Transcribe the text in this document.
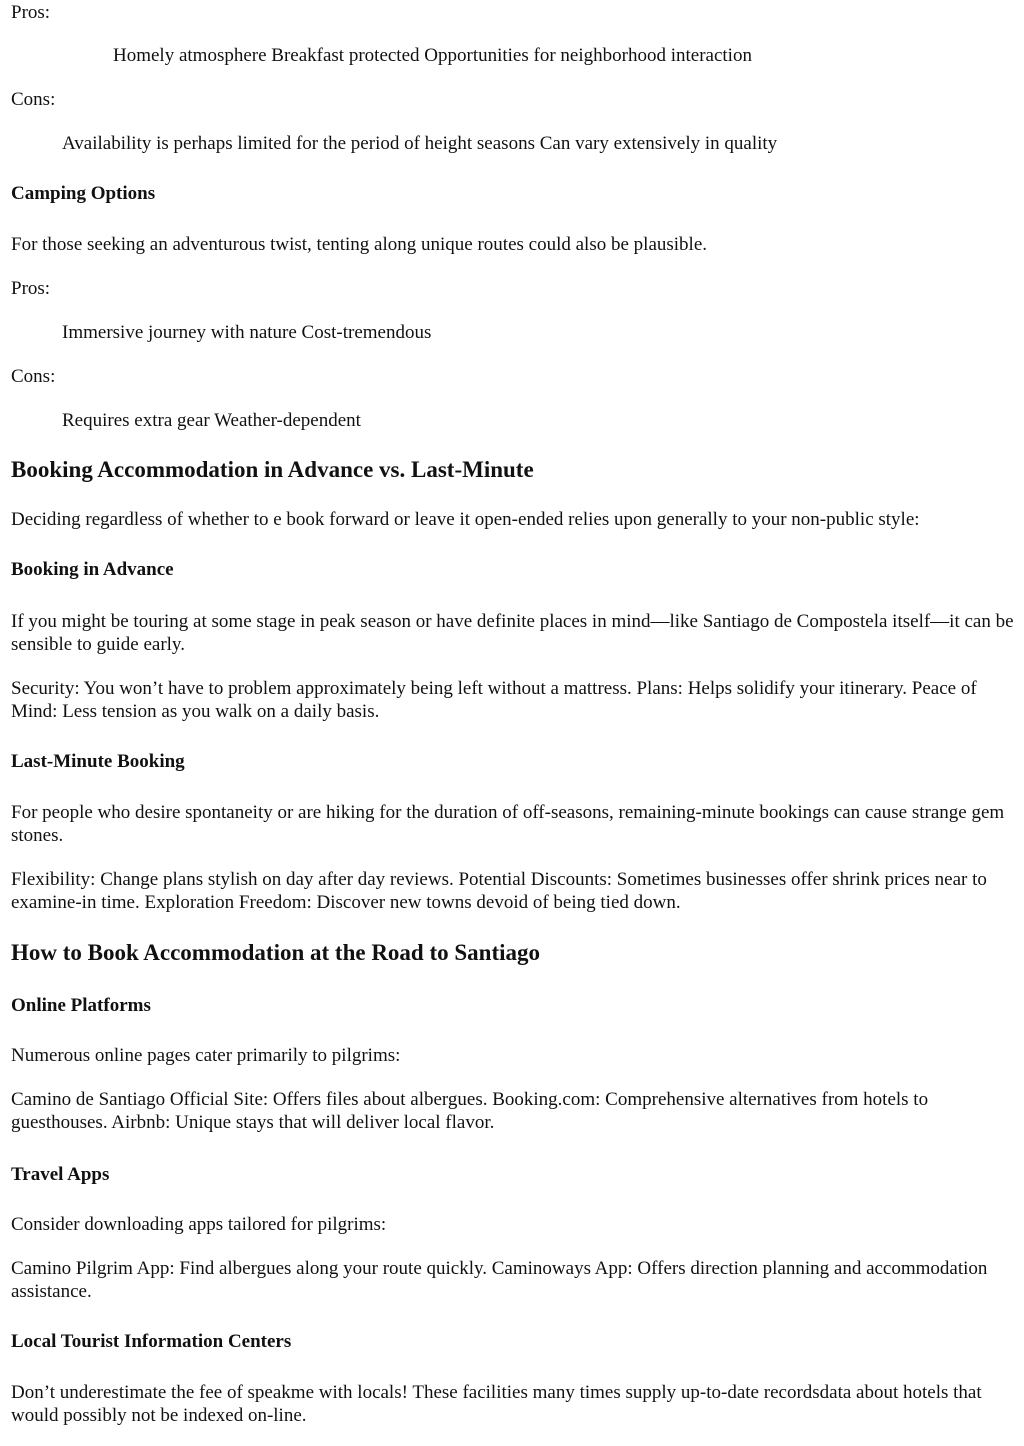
Pros:

Homely atmosphere Breakfast protected Opportunities for neighborhood interaction

Cons:

Availability is perhaps limited for the period of height seasons Can vary extensively in quality

Camping Options

For those seeking an adventurous twist, tenting along unique routes could also be plausible.

Pros:

Immersive journey with nature Cost-tremendous

Cons:

Requires extra gear Weather-dependent

Booking Accommodation in Advance vs. Last-Minute

Deciding regardless of whether to e book forward or leave it open-ended relies upon generally to your non-public style:

Booking in Advance

If you might be touring at some stage in peak season or have definite places in mind—like Santiago de Compostela itself—it can be sensible to guide early.

Security: You won’t have to problem approximately being left without a mattress. Plans: Helps solidify your itinerary. Peace of Mind: Less tension as you walk on a daily basis.

Last-Minute Booking

For people who desire spontaneity or are hiking for the duration of off-seasons, remaining-minute bookings can cause strange gem stones.

Flexibility: Change plans stylish on day after day reviews. Potential Discounts: Sometimes businesses offer shrink prices near to examine-in time. Exploration Freedom: Discover new towns devoid of being tied down.

How to Book Accommodation at the Road to Santiago
Online Platforms

Numerous online pages cater primarily to pilgrims:

Camino de Santiago Official Site: Offers files about albergues. Booking.com: Comprehensive alternatives from hotels to guesthouses. Airbnb: Unique stays that will deliver local flavor.

Travel Apps

Consider downloading apps tailored for pilgrims:

Camino Pilgrim App: Find albergues along your route quickly. Caminoways App: Offers direction planning and accommodation assistance.

Local Tourist Information Centers

Don’t underestimate the fee of speakme with locals! These facilities many times supply up-to-date recordsdata about hotels that would possibly not be indexed on-line.
